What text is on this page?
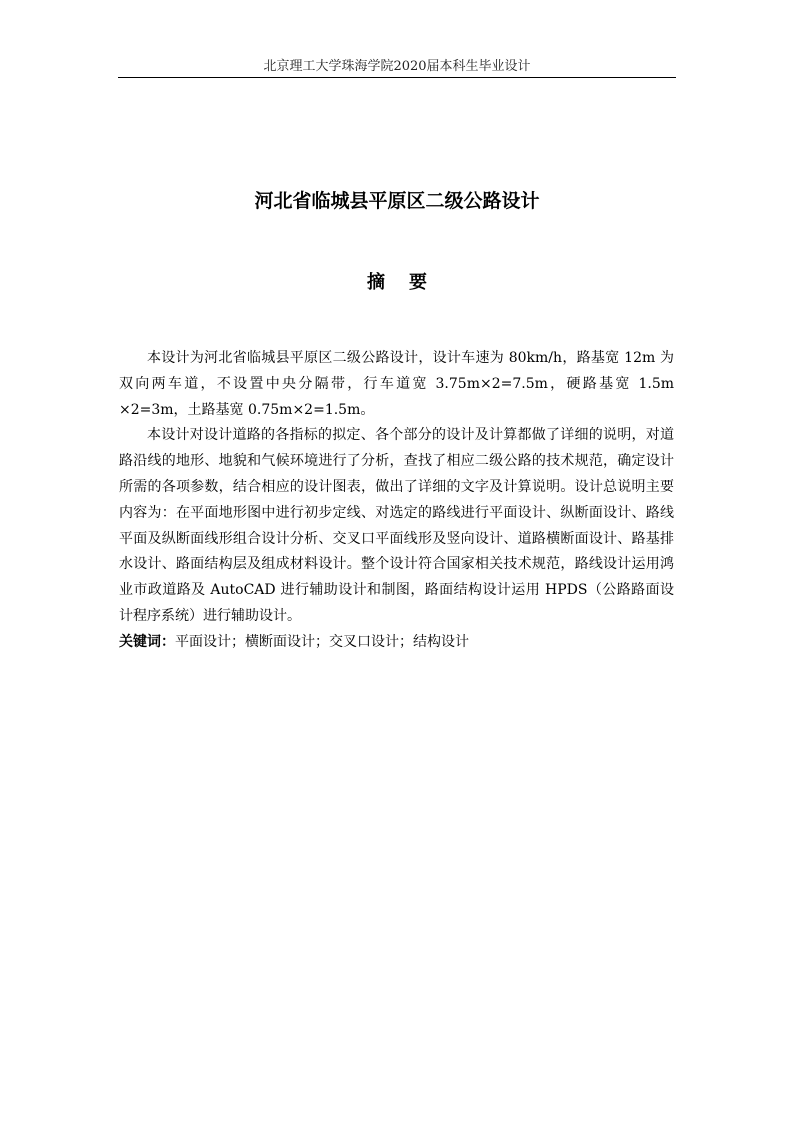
北京理工大学珠海学院2020届本科生毕业设计
河北省临城县平原区二级公路设计
摘要

本设计为河北省临城县平原区二级公路设计，设计车速为 80km/h，路基宽 12m 为双向两车道，不设置中央分隔带，行车道宽 3.75m×2=7.5m，硬路基宽 1.5m ×2=3m，土路基宽 0.75m×2=1.5m。

本设计对设计道路的各指标的拟定、各个部分的设计及计算都做了详细的说明，对道路沿线的地形、地貌和气候环境进行了分析，查找了相应二级公路的技术规范，确定设计所需的各项参数，结合相应的设计图表，做出了详细的文字及计算说明。设计总说明主要内容为：在平面地形图中进行初步定线、对选定的路线进行平面设计、纵断面设计、路线平面及纵断面线形组合设计分析、交叉口平面线形及竖向设计、道路横断面设计、路基排水设计、路面结构层及组成材料设计。整个设计符合国家相关技术规范，路线设计运用鸿业市政道路及 AutoCAD 进行辅助设计和制图，路面结构设计运用 HPDS（公路路面设计程序系统）进行辅助设计。

关键词：平面设计；横断面设计；交叉口设计；结构设计
